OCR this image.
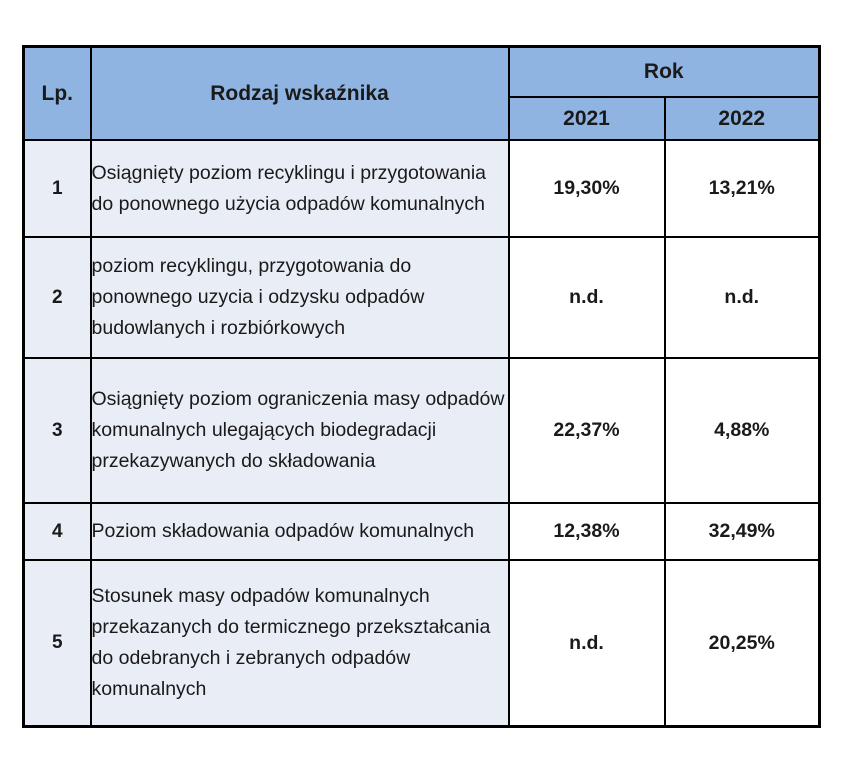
Lp.	Rodzaj wskaźnika	Rok	
		2021	2022
1	Osiągnięty poziom recyklingu i przygotowania do ponownego użycia odpadów komunalnych	19,30%	13,21%
2	poziom recyklingu, przygotowania do ponownego uzycia i odzysku odpadów budowlanych i rozbiórkowych	n.d.	n.d.
3	Osiągnięty poziom ograniczenia masy odpadów komunalnych ulegających biodegradacji przekazywanych do składowania	22,37%	4,88%
4	Poziom składowania odpadów komunalnych	12,38%	32,49%
5	Stosunek masy odpadów komunalnych przekazanych do termicznego przekształcania do odebranych i zebranych odpadów komunalnych	n.d.	20,25%
